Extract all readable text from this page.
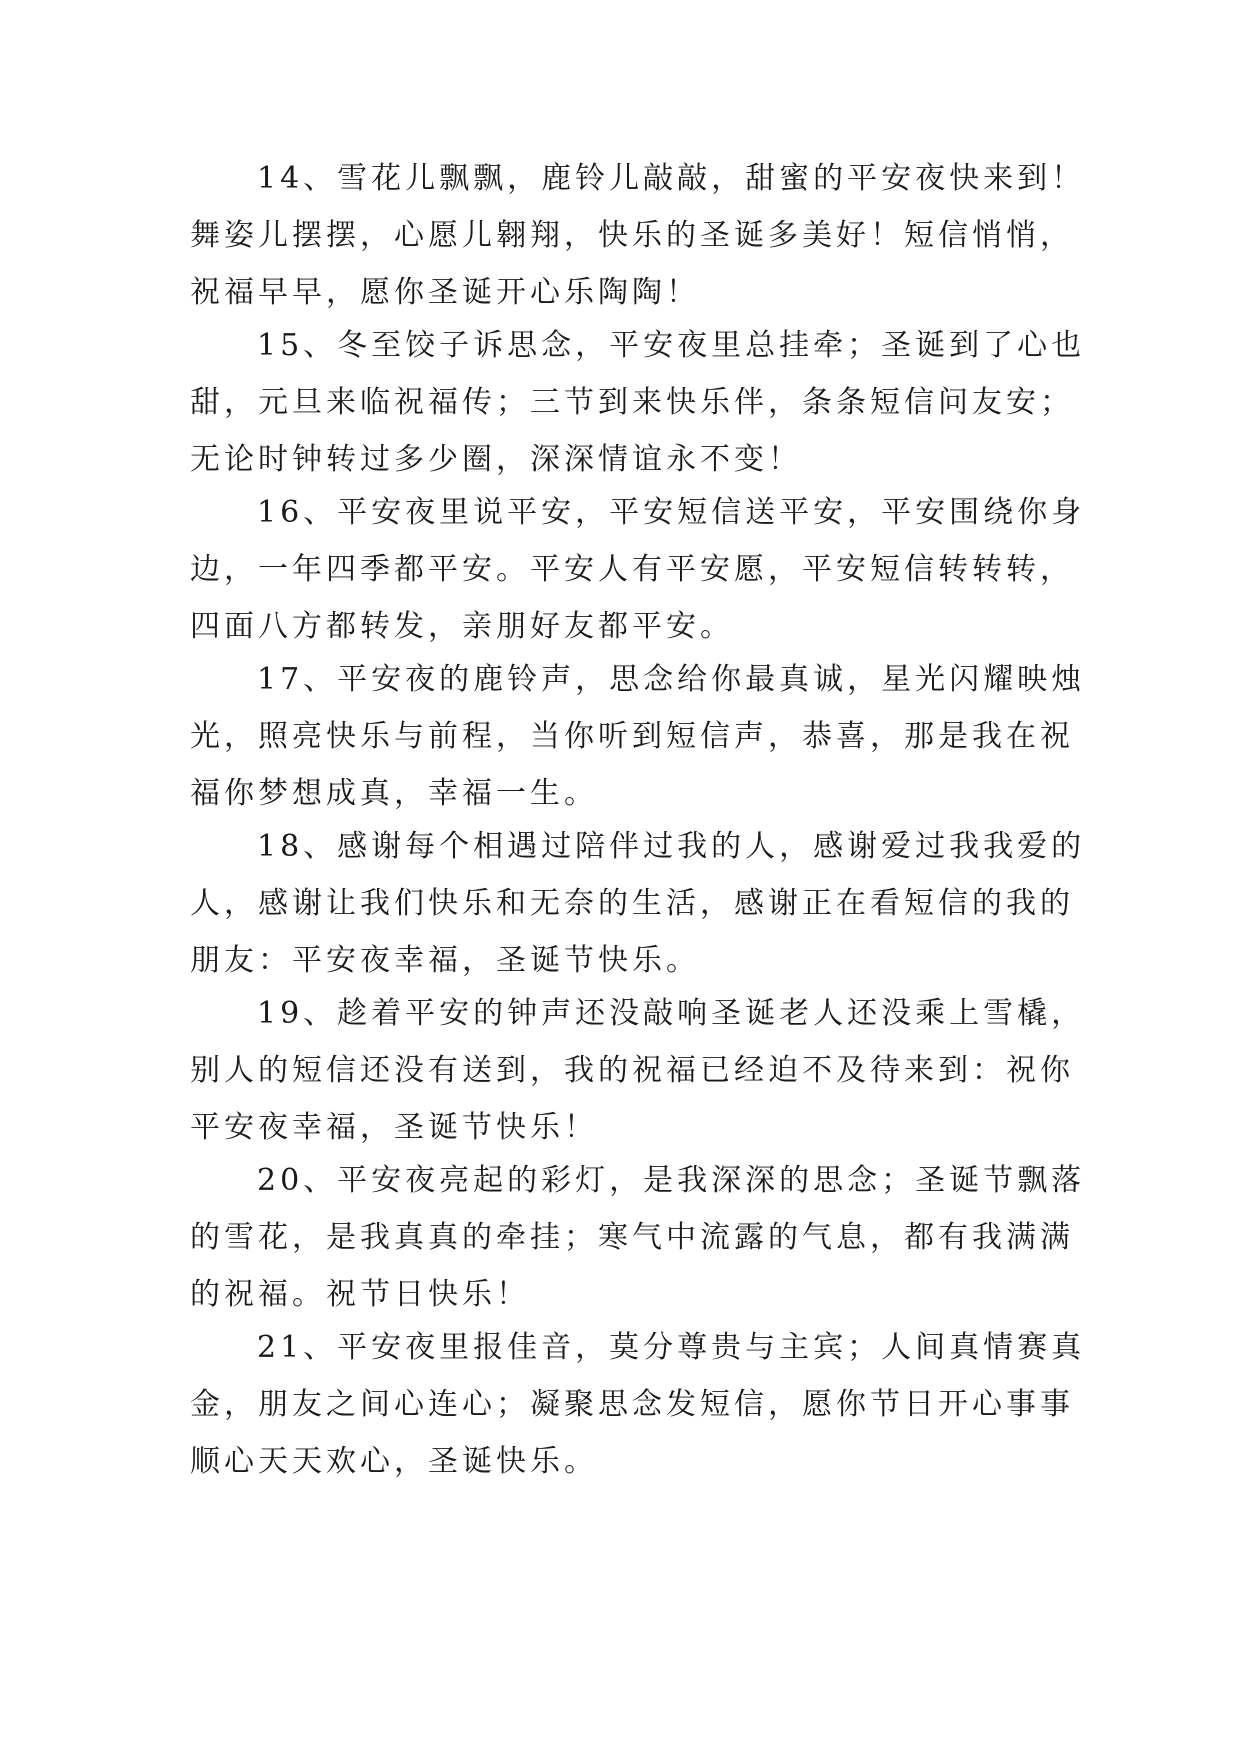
14、雪花儿飘飘，鹿铃儿敲敲，甜蜜的平安夜快来到！
舞姿儿摆摆，心愿儿翱翔，快乐的圣诞多美好！短信悄悄，
祝福早早，愿你圣诞开心乐陶陶！
15、冬至饺子诉思念，平安夜里总挂牵；圣诞到了心也
甜，元旦来临祝福传；三节到来快乐伴，条条短信问友安；
无论时钟转过多少圈，深深情谊永不变！
16、平安夜里说平安，平安短信送平安，平安围绕你身
边，一年四季都平安。平安人有平安愿，平安短信转转转，
四面八方都转发，亲朋好友都平安。
17、平安夜的鹿铃声，思念给你最真诚，星光闪耀映烛
光，照亮快乐与前程，当你听到短信声，恭喜，那是我在祝
福你梦想成真，幸福一生。
18、感谢每个相遇过陪伴过我的人，感谢爱过我我爱的
人，感谢让我们快乐和无奈的生活，感谢正在看短信的我的
朋友：平安夜幸福，圣诞节快乐。
19、趁着平安的钟声还没敲响圣诞老人还没乘上雪橇，
别人的短信还没有送到，我的祝福已经迫不及待来到：祝你
平安夜幸福，圣诞节快乐！
20、平安夜亮起的彩灯，是我深深的思念；圣诞节飘落
的雪花，是我真真的牵挂；寒气中流露的气息，都有我满满
的祝福。祝节日快乐！
21、平安夜里报佳音，莫分尊贵与主宾；人间真情赛真
金，朋友之间心连心；凝聚思念发短信，愿你节日开心事事
顺心天天欢心，圣诞快乐。
